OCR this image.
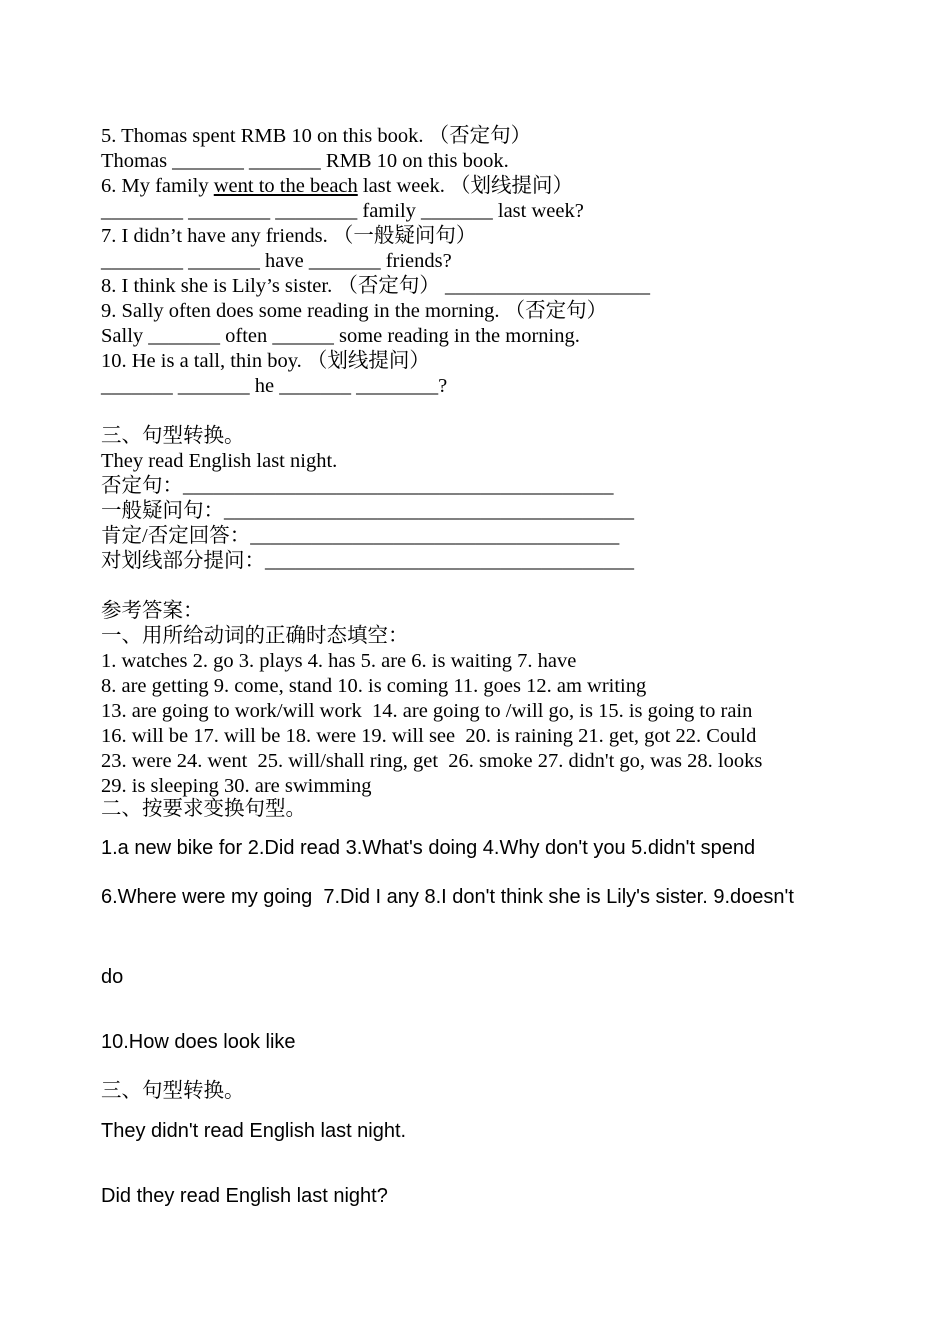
5. Thomas spent RMB 10 on this book. （否定句）
Thomas _______ _______ RMB 10 on this book.
6. My family went to the beach last week. （划线提问）
________ ________ ________ family _______ last week?
7. I didn’t have any friends. （一般疑问句）
________ _______ have _______ friends?
8. I think she is Lily’s sister. （否定句） ____________________
9. Sally often does some reading in the morning. （否定句）
Sally _______ often ______ some reading in the morning.
10. He is a tall, thin boy. （划线提问）
_______ _______ he _______ ________?
三、句型转换。
They read English last night.
否定句：__________________________________________
一般疑问句：________________________________________
肯定/否定回答：____________________________________
对划线部分提问：____________________________________
参考答案：
一、用所给动词的正确时态填空：
1. watches 2. go 3. plays 4. has 5. are 6. is waiting 7. have
8. are getting 9. come, stand 10. is coming 11. goes 12. am writing
13. are going to work/will work  14. are going to /will go, is 15. is going to rain
16. will be 17. will be 18. were 19. will see  20. is raining 21. get, got 22. Could
23. were 24. went  25. will/shall ring, get  26. smoke 27. didn't go, was 28. looks
29. is sleeping 30. are swimming
二、按要求变换句型。
1.a new bike for 2.Did read 3.What's doing 4.Why don't you 5.didn't spend
6.Where were my going  7.Did I any 8.I don't think she is Lily's sister. 9.doesn't
do
10.How does look like
三、句型转换。
They didn't read English last night.
Did they read English last night?
